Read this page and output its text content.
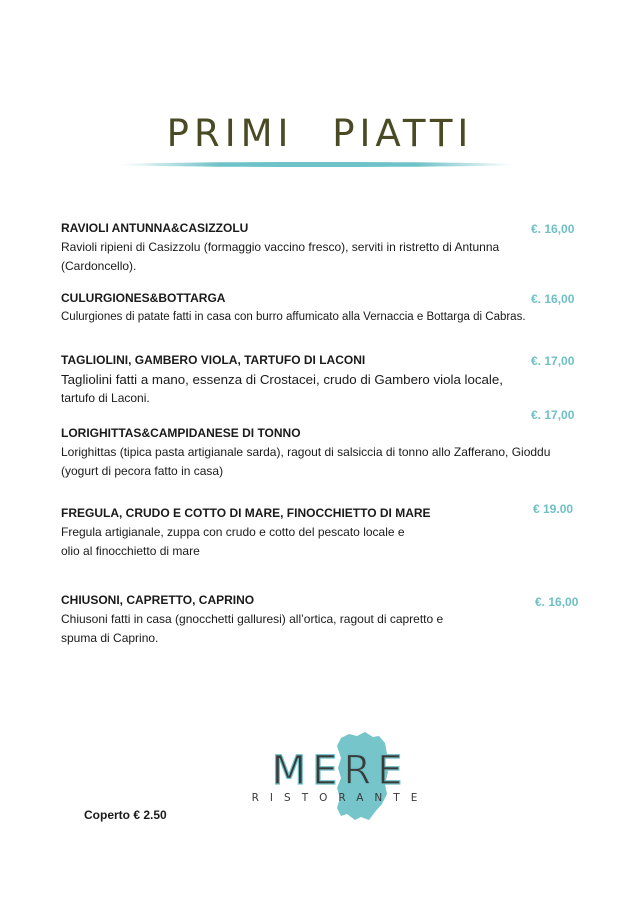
PRIMI PIATTI
RAVIOLI ANTUNNA&CASIZZOLU
Ravioli ripieni di Casizzolu (formaggio vaccino fresco), serviti in ristretto di Antunna
(Cardoncello).
€. 16,00
CULURGIONES&BOTTARGA
Culurgiones di patate fatti in casa con burro affumicato alla Vernaccia e Bottarga di Cabras.
€. 16,00
TAGLIOLINI, GAMBERO VIOLA, TARTUFO DI LACONI
Tagliolini fatti a mano, essenza di Crostacei, crudo di Gambero viola locale,
tartufo di Laconi.
€. 17,00
€. 17,00
LORIGHITTAS&CAMPIDANESE DI TONNO
Lorighittas (tipica pasta artigianale sarda), ragout di salsiccia di tonno allo Zafferano, Gioddu
(yogurt di pecora fatto in casa)
FREGULA, CRUDO E COTTO DI MARE, FINOCCHIETTO DI MARE
Fregula artigianale, zuppa con crudo e cotto del pescato locale e
olio al finocchietto di mare
€ 19.00
CHIUSONI, CAPRETTO, CAPRINO
Chiusoni fatti in casa (gnocchetti galluresi) all’ortica, ragout di capretto e
spuma di Caprino.
€. 16,00
MERE
RISTORANTE
Coperto € 2.50
